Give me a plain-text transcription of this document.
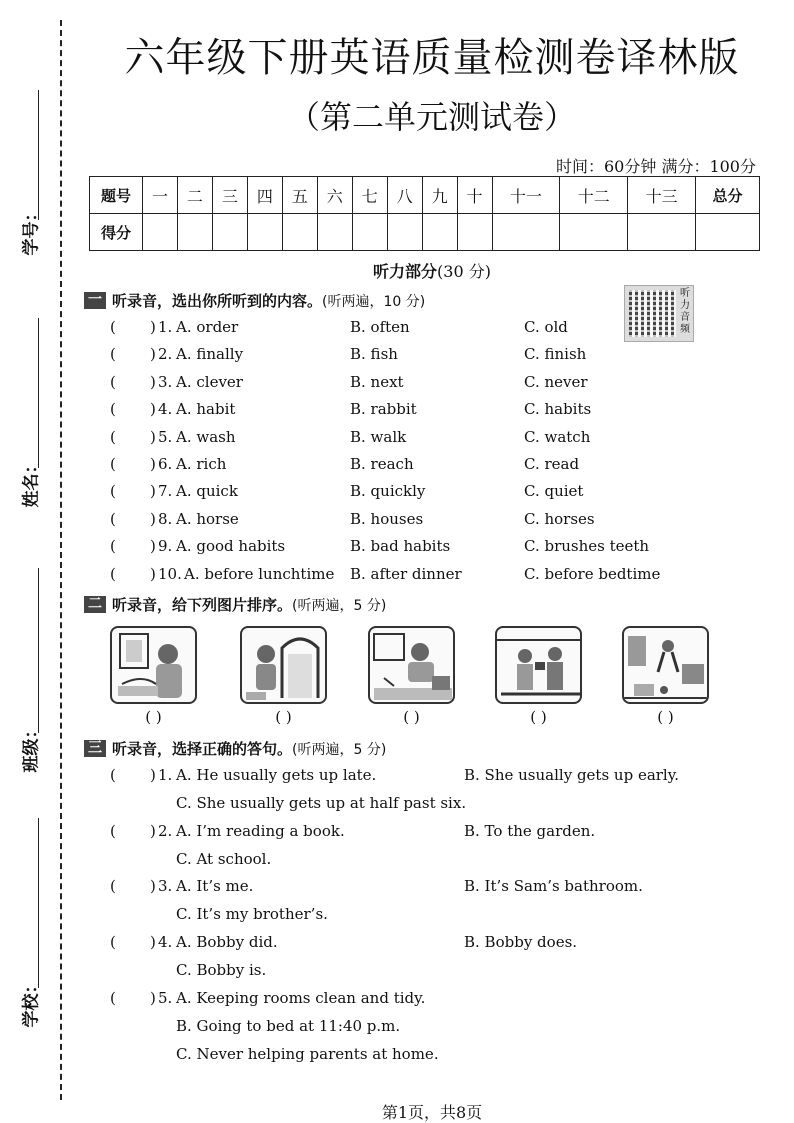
学号：
姓名：
班级：
学校：
六年级下册英语质量检测卷译林版
（第二单元测试卷）
时间：60分钟 满分：100分
题号	一	二	三	四	五	六	七	八	九	十	十一	十二	十三	总分
得分														
听力部分(30 分)
听力音频
一 听录音，选出你所听到的内容。 (听两遍，10 分)
( ) 1. A. order	B. often	C. old
( ) 2. A. finally	B. fish	C. finish
( ) 3. A. clever	B. next	C. never
( ) 4. A. habit	B. rabbit	C. habits
( ) 5. A. wash	B. walk	C. watch
( ) 6. A. rich	B. reach	C. read
( ) 7. A. quick	B. quickly	C. quiet
( ) 8. A. horse	B. houses	C. horses
( ) 9. A. good habits	B. bad habits	C. brushes teeth
( ) 10. A. before lunchtime B. after dinner	C. before bedtime
二 听录音，给下列图片排序。 (听两遍，5 分)
( )	( )	( )	( )	( )
三 听录音，选择正确的答句。 (听两遍，5 分)
( ) 1. A. He usually gets up late.	B. She usually gets up early.
C. She usually gets up at half past six.
( ) 2. A. I’m reading a book.	B. To the garden.
C. At school.
( ) 3. A. It’s me.	B. It’s Sam’s bathroom.
C. It’s my brother’s.
( ) 4. A. Bobby did.	B. Bobby does.
C. Bobby is.
( ) 5. A. Keeping rooms clean and tidy.
B. Going to bed at 11:40 p.m.
C. Never helping parents at home.
第1页，共8页
